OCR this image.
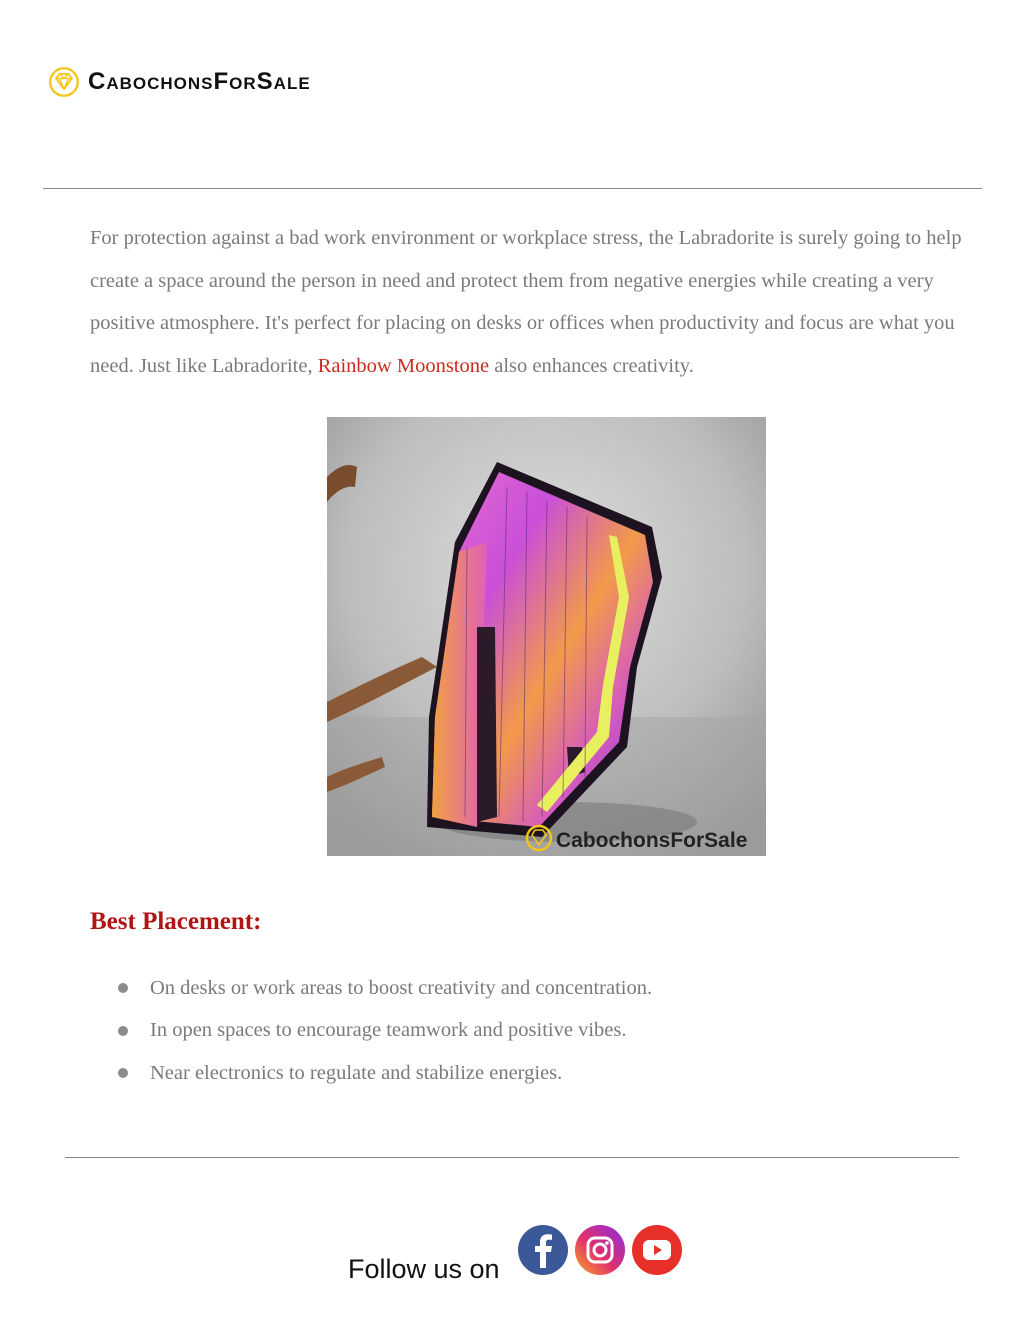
CabochonsForSale

For protection against a bad work environment or workplace stress, the Labradorite is surely going to help create a space around the person in need and protect them from negative energies while creating a very positive atmosphere. It's perfect for placing on desks or offices when productivity and focus are what you need. Just like Labradorite, Rainbow Moonstone also enhances creativity.

CabochonsForSale
Best Placement:
On desks or work areas to boost creativity and concentration.
In open spaces to encourage teamwork and positive vibes.
Near electronics to regulate and stabilize energies.
Follow us on
